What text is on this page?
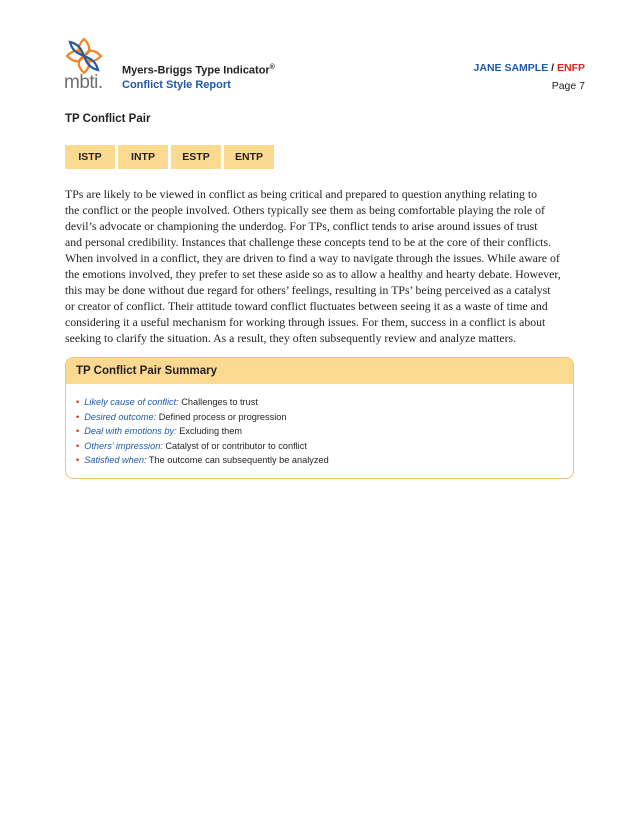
mbti.
Myers-Briggs Type Indicator®
Conflict Style Report
JANE SAMPLE / ENFP
Page 7
TP Conflict Pair
ISTP	INTP	ESTP	ENTP
TPs are likely to be viewed in conflict as being critical and prepared to question anything relating to
the conflict or the people involved. Others typically see them as being comfortable playing the role of
devil’s advocate or championing the underdog. For TPs, conflict tends to arise around issues of trust
and personal credibility. Instances that challenge these concepts tend to be at the core of their conflicts.
When involved in a conflict, they are driven to find a way to navigate through the issues. While aware of
the emotions involved, they prefer to set these aside so as to allow a healthy and hearty debate. However,
this may be done without due regard for others’ feelings, resulting in TPs’ being perceived as a catalyst
or creator of conflict. Their attitude toward conflict fluctuates between seeing it as a waste of time and
considering it a useful mechanism for working through issues. For them, success in a conflict is about
seeking to clarify the situation. As a result, they often subsequently review and analyze matters.
TP Conflict Pair Summary
• Likely cause of conflict: Challenges to trust
• Desired outcome: Defined process or progression
• Deal with emotions by: Excluding them
• Others’ impression: Catalyst of or contributor to conflict
• Satisfied when: The outcome can subsequently be analyzed
